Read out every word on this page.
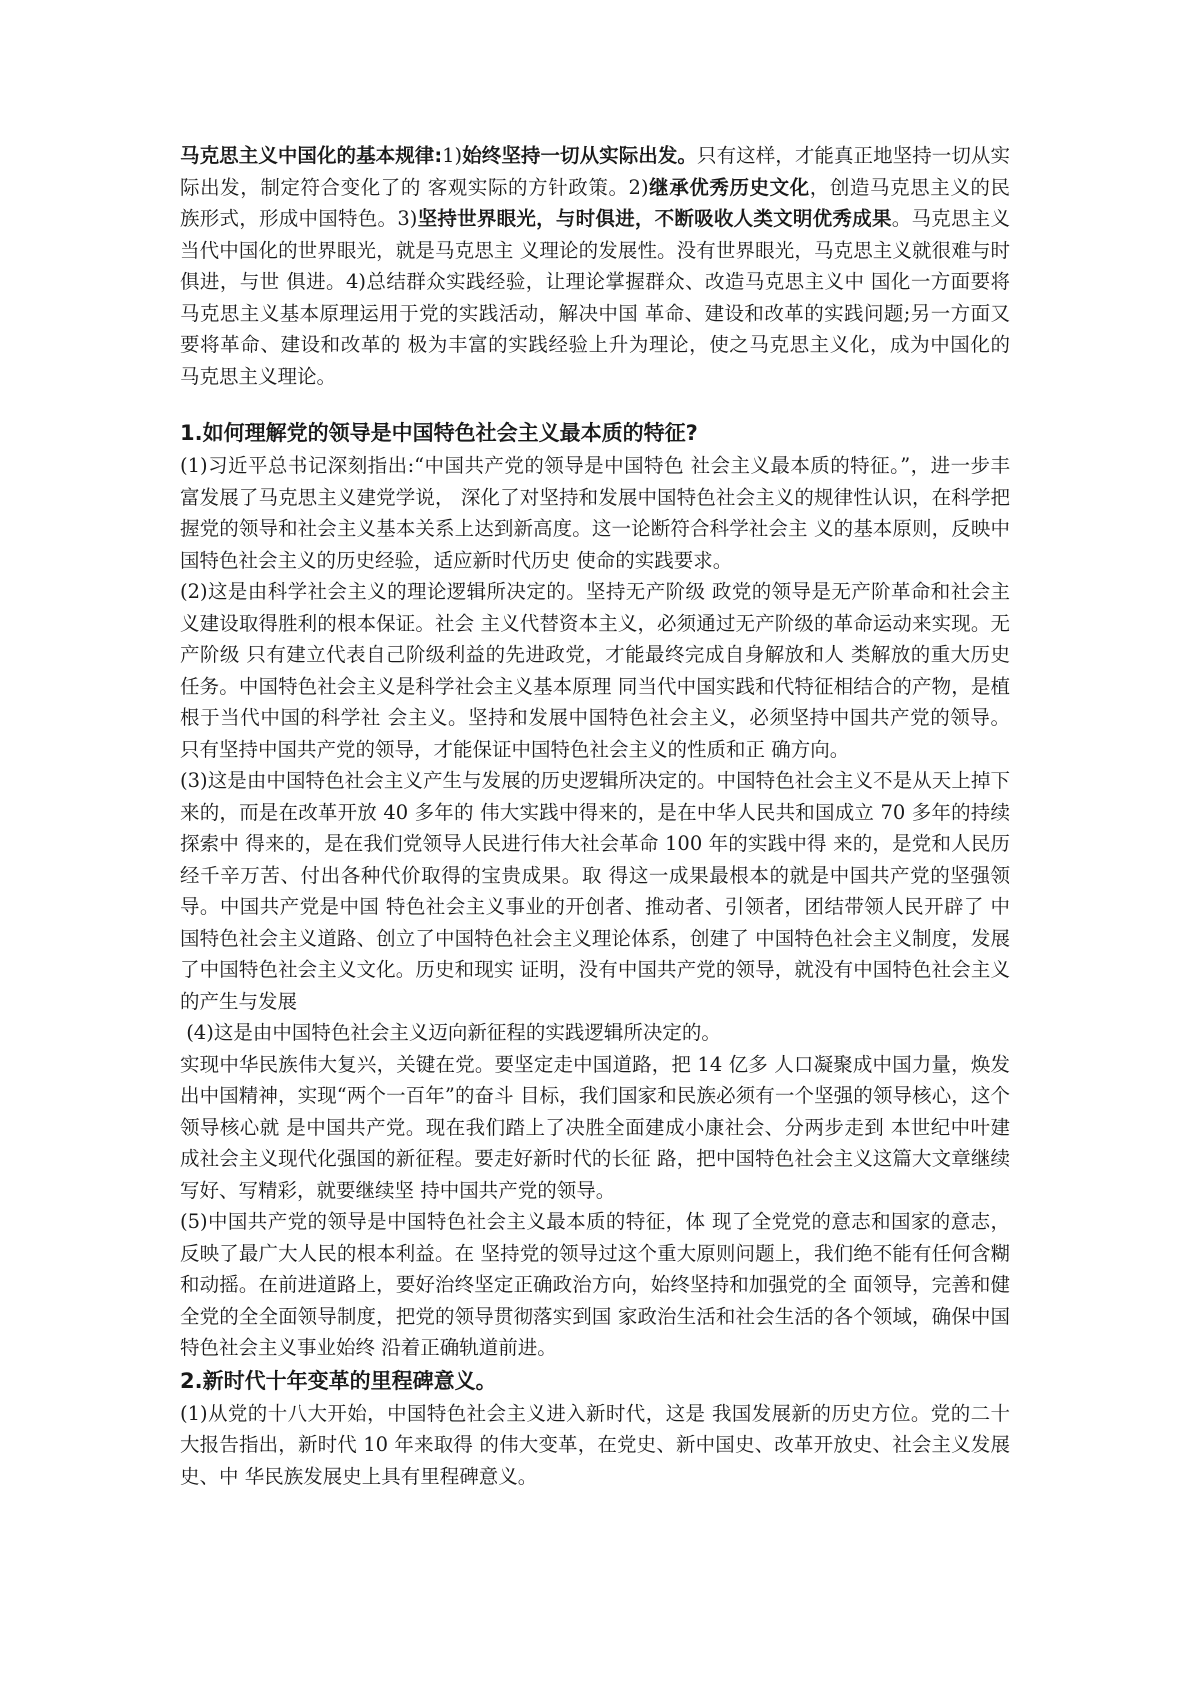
马克思主义中国化的基本规律:1)始终坚持一切从实际出发。只有这样，才能真正地坚持一切从实际出发，制定符合变化了的 客观实际的方针政策。2)继承优秀历史文化，创造马克思主义的民 族形式，形成中国特色。3)坚持世界眼光，与时俱进，不断吸收人类文明优秀成果。马克思主义当代中国化的世界眼光，就是马克思主 义理论的发展性。没有世界眼光，马克思主义就很难与时俱进，与世 俱进。4)总结群众实践经验，让理论掌握群众、改造马克思主义中 国化一方面要将马克思主义基本原理运用于党的实践活动，解决中国 革命、建设和改革的实践问题;另一方面又要将革命、建设和改革的 极为丰富的实践经验上升为理论，使之马克思主义化，成为中国化的 马克思主义理论。

1.如何理解党的领导是中国特色社会主义最本质的特征?

(1)习近平总书记深刻指出:“中国共产党的领导是中国特色 社会主义最本质的特征。”，进一步丰富发展了马克思主义建党学说， 深化了对坚持和发展中国特色社会主义的规律性认识，在科学把握党的领导和社会主义基本关系上达到新高度。这一论断符合科学社会主 义的基本原则，反映中国特色社会主义的历史经验，适应新时代历史 使命的实践要求。

(2)这是由科学社会主义的理论逻辑所决定的。坚持无产阶级 政党的领导是无产阶革命和社会主义建设取得胜利的根本保证。社会 主义代替资本主义，必须通过无产阶级的革命运动来实现。无产阶级 只有建立代表自己阶级利益的先进政党，才能最终完成自身解放和人 类解放的重大历史任务。中国特色社会主义是科学社会主义基本原理 同当代中国实践和代特征相结合的产物，是植根于当代中国的科学社 会主义。坚持和发展中国特色社会主义，必须坚持中国共产党的领导。 只有坚持中国共产党的领导，才能保证中国特色社会主义的性质和正 确方向。

(3)这是由中国特色社会主义产生与发展的历史逻辑所决定的。中国特色社会主义不是从天上掉下来的，而是在改革开放 40 多年的 伟大实践中得来的，是在中华人民共和国成立 70 多年的持续探索中 得来的，是在我们党领导人民进行伟大社会革命 100 年的实践中得 来的，是党和人民历经千辛万苦、付出各种代价取得的宝贵成果。取 得这一成果最根本的就是中国共产党的坚强领导。中国共产党是中国 特色社会主义事业的开创者、推动者、引领者，团结带领人民开辟了 中国特色社会主义道路、创立了中国特色社会主义理论体系，创建了 中国特色社会主义制度，发展了中国特色社会主义文化。历史和现实 证明，没有中国共产党的领导，就没有中国特色社会主义的产生与发展

(4)这是由中国特色社会主义迈向新征程的实践逻辑所决定的。

实现中华民族伟大复兴，关键在党。要坚定走中国道路，把 14 亿多 人口凝聚成中国力量，焕发出中国精神，实现“两个一百年”的奋斗 目标，我们国家和民族必须有一个坚强的领导核心，这个领导核心就 是中国共产党。现在我们踏上了决胜全面建成小康社会、分两步走到 本世纪中叶建成社会主义现代化强国的新征程。要走好新时代的长征 路，把中国特色社会主义这篇大文章继续写好、写精彩，就要继续坚 持中国共产党的领导。

(5)中国共产党的领导是中国特色社会主义最本质的特征，体 现了全党党的意志和国家的意志，反映了最广大人民的根本利益。在 坚持党的领导过这个重大原则问题上，我们绝不能有任何含糊和动摇。在前进道路上，要好治终坚定正确政治方向，始终坚持和加强党的全 面领导，完善和健全党的全全面领导制度，把党的领导贯彻落实到国 家政治生活和社会生活的各个领域，确保中国特色社会主义事业始终 沿着正确轨道前进。

2.新时代十年变革的里程碑意义。

(1)从党的十八大开始，中国特色社会主义进入新时代，这是 我国发展新的历史方位。党的二十大报告指出，新时代 10 年来取得 的伟大变革，在党史、新中国史、改革开放史、社会主义发展史、中 华民族发展史上具有里程碑意义。
